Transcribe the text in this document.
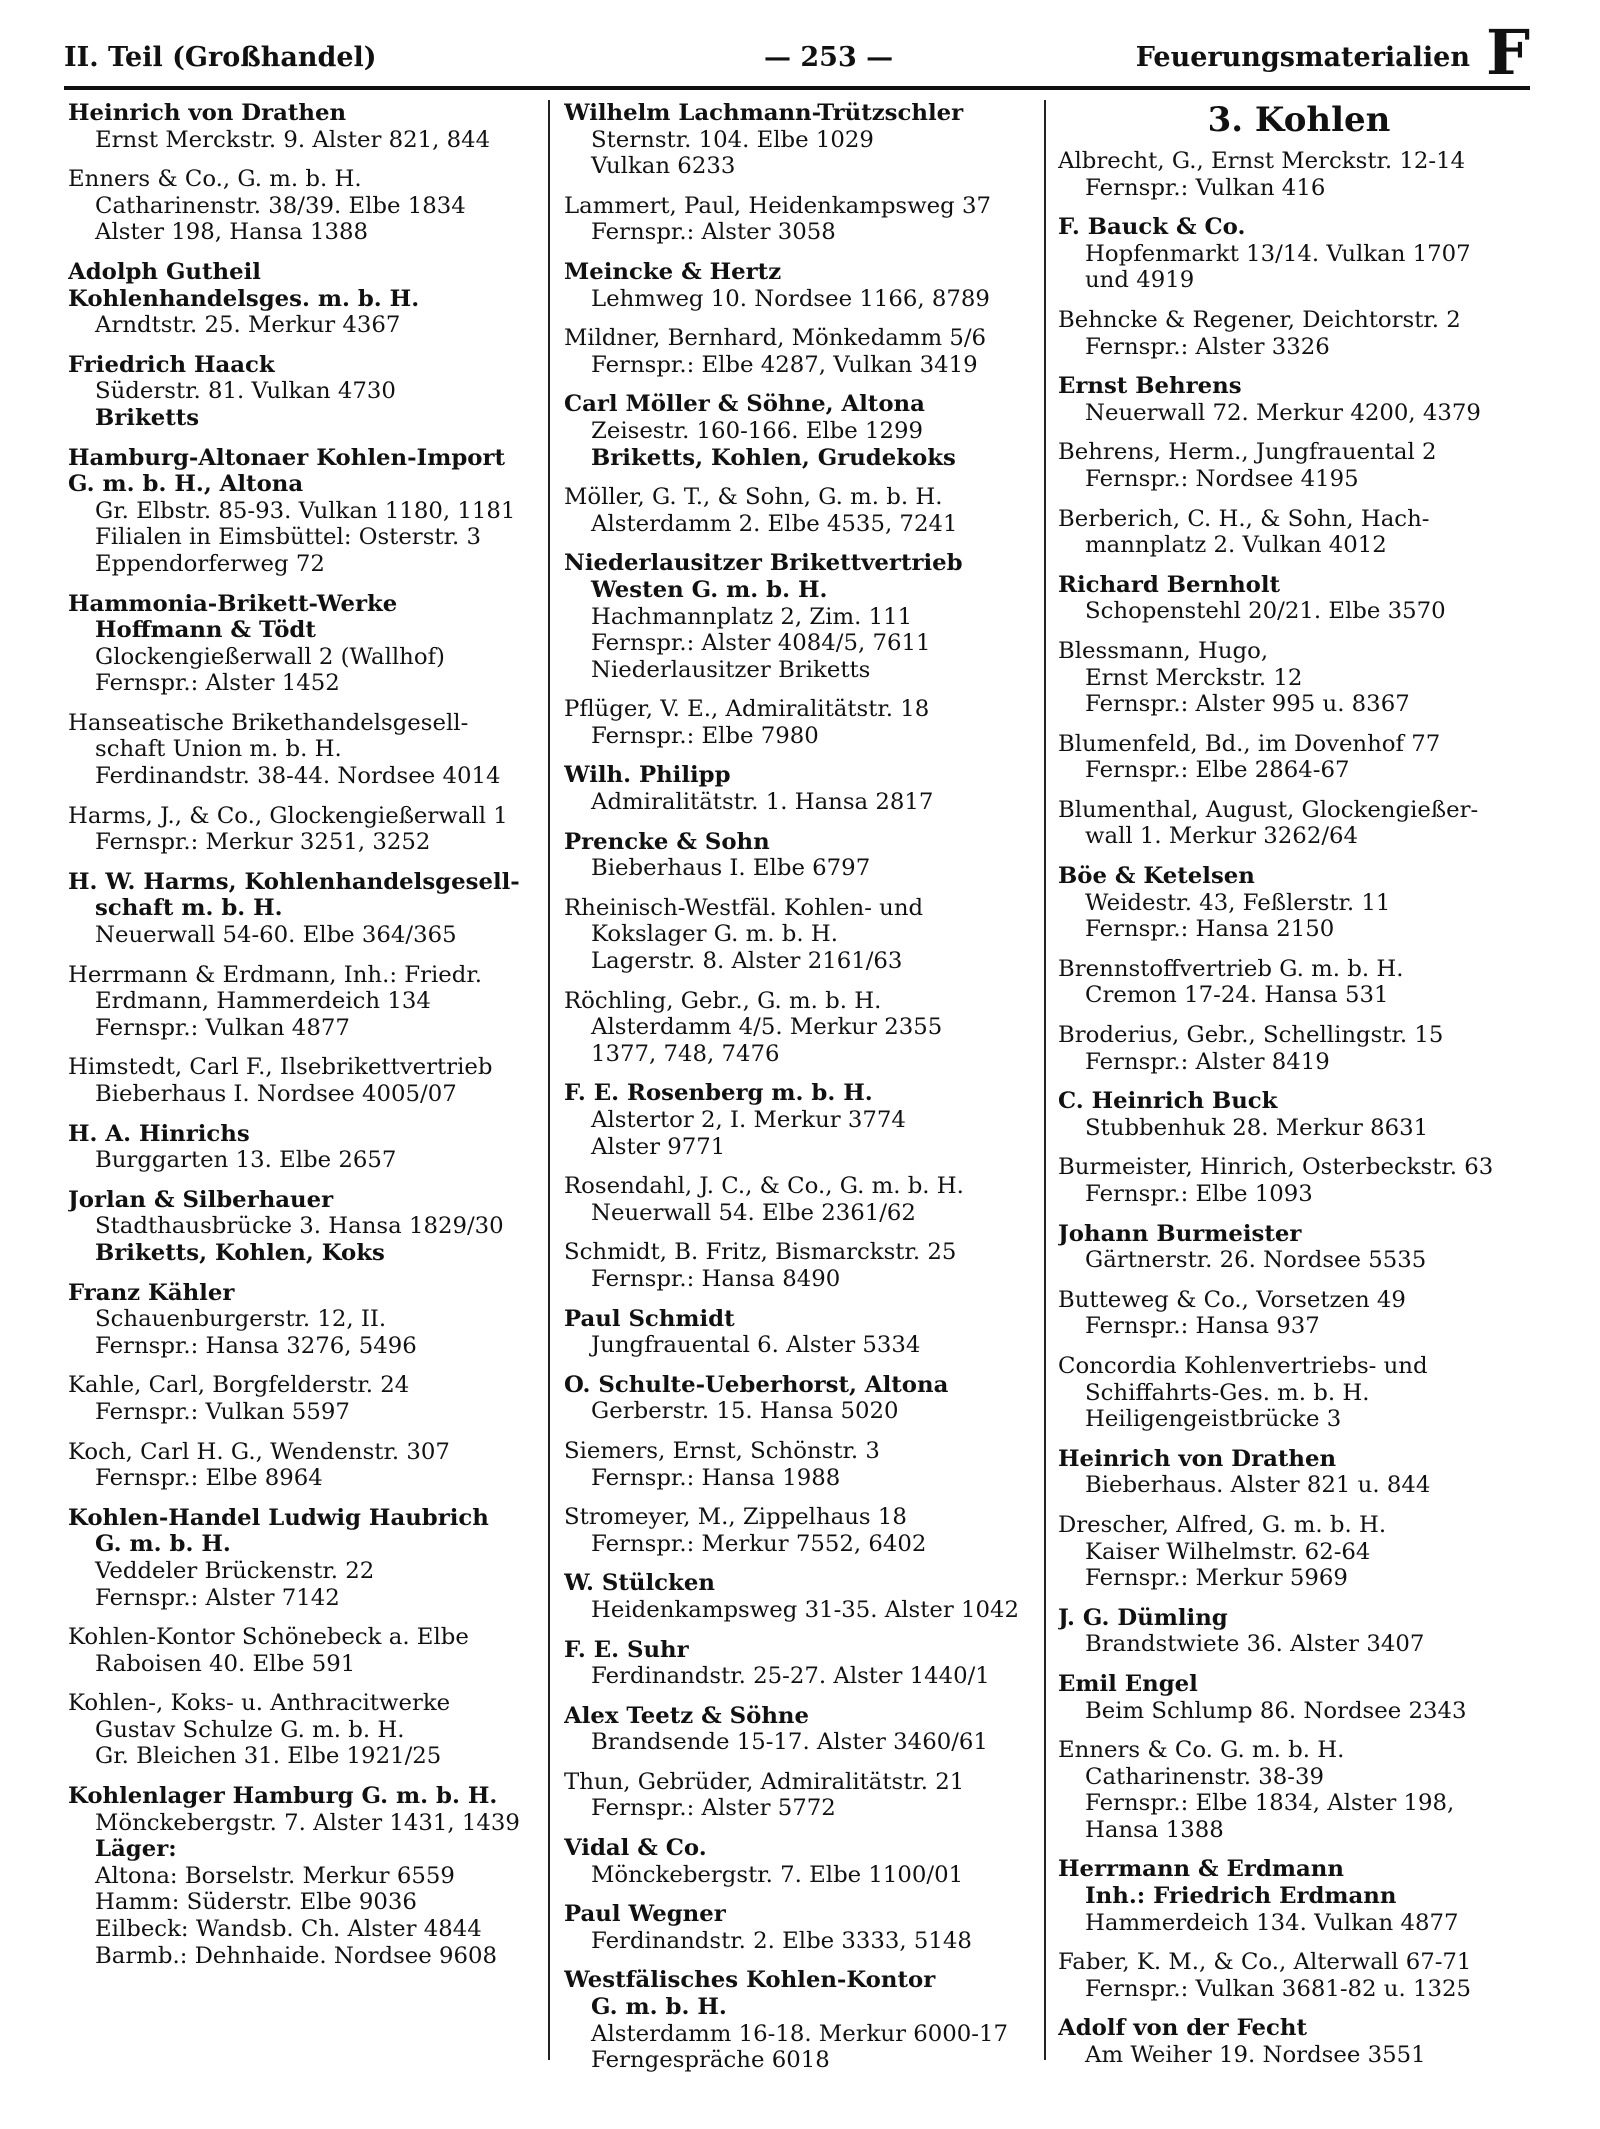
II. Teil (Großhandel)	— 253 —	Feuerungsmaterialien F
Heinrich von Drathen
Ernst Merckstr. 9. Alster 821, 844
Enners & Co., G. m. b. H.
Catharinenstr. 38/39. Elbe 1834
Alster 198, Hansa 1388
Adolph Gutheil
Kohlenhandelsges. m. b. H.
Arndtstr. 25. Merkur 4367
Friedrich Haack
Süderstr. 81. Vulkan 4730
Briketts
Hamburg-Altonaer Kohlen-Import
G. m. b. H., Altona
Gr. Elbstr. 85-93. Vulkan 1180, 1181
Filialen in Eimsbüttel: Osterstr. 3
Eppendorferweg 72
Hammonia-Brikett-Werke
Hoffmann & Tödt
Glockengießerwall 2 (Wallhof)
Fernspr.: Alster 1452
Hanseatische Brikethandelsgesell-
schaft Union m. b. H.
Ferdinandstr. 38-44. Nordsee 4014
Harms, J., & Co., Glockengießerwall 1
Fernspr.: Merkur 3251, 3252
H. W. Harms, Kohlenhandelsgesell-
schaft m. b. H.
Neuerwall 54-60. Elbe 364/365
Herrmann & Erdmann, Inh.: Friedr.
Erdmann, Hammerdeich 134
Fernspr.: Vulkan 4877
Himstedt, Carl F., Ilsebrikettvertrieb
Bieberhaus I. Nordsee 4005/07
H. A. Hinrichs
Burggarten 13. Elbe 2657
Jorlan & Silberhauer
Stadthausbrücke 3. Hansa 1829/30
Briketts, Kohlen, Koks
Franz Kähler
Schauenburgerstr. 12, II.
Fernspr.: Hansa 3276, 5496
Kahle, Carl, Borgfelderstr. 24
Fernspr.: Vulkan 5597
Koch, Carl H. G., Wendenstr. 307
Fernspr.: Elbe 8964
Kohlen-Handel Ludwig Haubrich
G. m. b. H.
Veddeler Brückenstr. 22
Fernspr.: Alster 7142
Kohlen-Kontor Schönebeck a. Elbe
Raboisen 40. Elbe 591
Kohlen-, Koks- u. Anthracitwerke
Gustav Schulze G. m. b. H.
Gr. Bleichen 31. Elbe 1921/25
Kohlenlager Hamburg G. m. b. H.
Mönckebergstr. 7. Alster 1431, 1439
Läger:
Altona: Borselstr. Merkur 6559
Hamm: Süderstr. Elbe 9036
Eilbeck: Wandsb. Ch. Alster 4844
Barmb.: Dehnhaide. Nordsee 9608
Wilhelm Lachmann-Trützschler
Sternstr. 104. Elbe 1029
Vulkan 6233
Lammert, Paul, Heidenkampsweg 37
Fernspr.: Alster 3058
Meincke & Hertz
Lehmweg 10. Nordsee 1166, 8789
Mildner, Bernhard, Mönkedamm 5/6
Fernspr.: Elbe 4287, Vulkan 3419
Carl Möller & Söhne, Altona
Zeisestr. 160-166. Elbe 1299
Briketts, Kohlen, Grudekoks
Möller, G. T., & Sohn, G. m. b. H.
Alsterdamm 2. Elbe 4535, 7241
Niederlausitzer Brikettvertrieb
Westen G. m. b. H.
Hachmannplatz 2, Zim. 111
Fernspr.: Alster 4084/5, 7611
Niederlausitzer Briketts
Pflüger, V. E., Admiralitätstr. 18
Fernspr.: Elbe 7980
Wilh. Philipp
Admiralitätstr. 1. Hansa 2817
Prencke & Sohn
Bieberhaus I. Elbe 6797
Rheinisch-Westfäl. Kohlen- und
Kokslager G. m. b. H.
Lagerstr. 8. Alster 2161/63
Röchling, Gebr., G. m. b. H.
Alsterdamm 4/5. Merkur 2355
1377, 748, 7476
F. E. Rosenberg m. b. H.
Alstertor 2, I. Merkur 3774
Alster 9771
Rosendahl, J. C., & Co., G. m. b. H.
Neuerwall 54. Elbe 2361/62
Schmidt, B. Fritz, Bismarckstr. 25
Fernspr.: Hansa 8490
Paul Schmidt
Jungfrauental 6. Alster 5334
O. Schulte-Ueberhorst, Altona
Gerberstr. 15. Hansa 5020
Siemers, Ernst, Schönstr. 3
Fernspr.: Hansa 1988
Stromeyer, M., Zippelhaus 18
Fernspr.: Merkur 7552, 6402
W. Stülcken
Heidenkampsweg 31-35. Alster 1042
F. E. Suhr
Ferdinandstr. 25-27. Alster 1440/1
Alex Teetz & Söhne
Brandsende 15-17. Alster 3460/61
Thun, Gebrüder, Admiralitätstr. 21
Fernspr.: Alster 5772
Vidal & Co.
Mönckebergstr. 7. Elbe 1100/01
Paul Wegner
Ferdinandstr. 2. Elbe 3333, 5148
Westfälisches Kohlen-Kontor
G. m. b. H.
Alsterdamm 16-18. Merkur 6000-17
Ferngespräche 6018
3. Kohlen
Albrecht, G., Ernst Merckstr. 12-14
Fernspr.: Vulkan 416
F. Bauck & Co.
Hopfenmarkt 13/14. Vulkan 1707
und 4919
Behncke & Regener, Deichtorstr. 2
Fernspr.: Alster 3326
Ernst Behrens
Neuerwall 72. Merkur 4200, 4379
Behrens, Herm., Jungfrauental 2
Fernspr.: Nordsee 4195
Berberich, C. H., & Sohn, Hach-
mannplatz 2. Vulkan 4012
Richard Bernholt
Schopenstehl 20/21. Elbe 3570
Blessmann, Hugo,
Ernst Merckstr. 12
Fernspr.: Alster 995 u. 8367
Blumenfeld, Bd., im Dovenhof 77
Fernspr.: Elbe 2864-67
Blumenthal, August, Glockengießer-
wall 1. Merkur 3262/64
Böe & Ketelsen
Weidestr. 43, Feßlerstr. 11
Fernspr.: Hansa 2150
Brennstoffvertrieb G. m. b. H.
Cremon 17-24. Hansa 531
Broderius, Gebr., Schellingstr. 15
Fernspr.: Alster 8419
C. Heinrich Buck
Stubbenhuk 28. Merkur 8631
Burmeister, Hinrich, Osterbeckstr. 63
Fernspr.: Elbe 1093
Johann Burmeister
Gärtnerstr. 26. Nordsee 5535
Butteweg & Co., Vorsetzen 49
Fernspr.: Hansa 937
Concordia Kohlenvertriebs- und
Schiffahrts-Ges. m. b. H.
Heiligengeistbrücke 3
Heinrich von Drathen
Bieberhaus. Alster 821 u. 844
Drescher, Alfred, G. m. b. H.
Kaiser Wilhelmstr. 62-64
Fernspr.: Merkur 5969
J. G. Dümling
Brandstwiete 36. Alster 3407
Emil Engel
Beim Schlump 86. Nordsee 2343
Enners & Co. G. m. b. H.
Catharinenstr. 38-39
Fernspr.: Elbe 1834, Alster 198,
Hansa 1388
Herrmann & Erdmann
Inh.: Friedrich Erdmann
Hammerdeich 134. Vulkan 4877
Faber, K. M., & Co., Alterwall 67-71
Fernspr.: Vulkan 3681-82 u. 1325
Adolf von der Fecht
Am Weiher 19. Nordsee 3551
